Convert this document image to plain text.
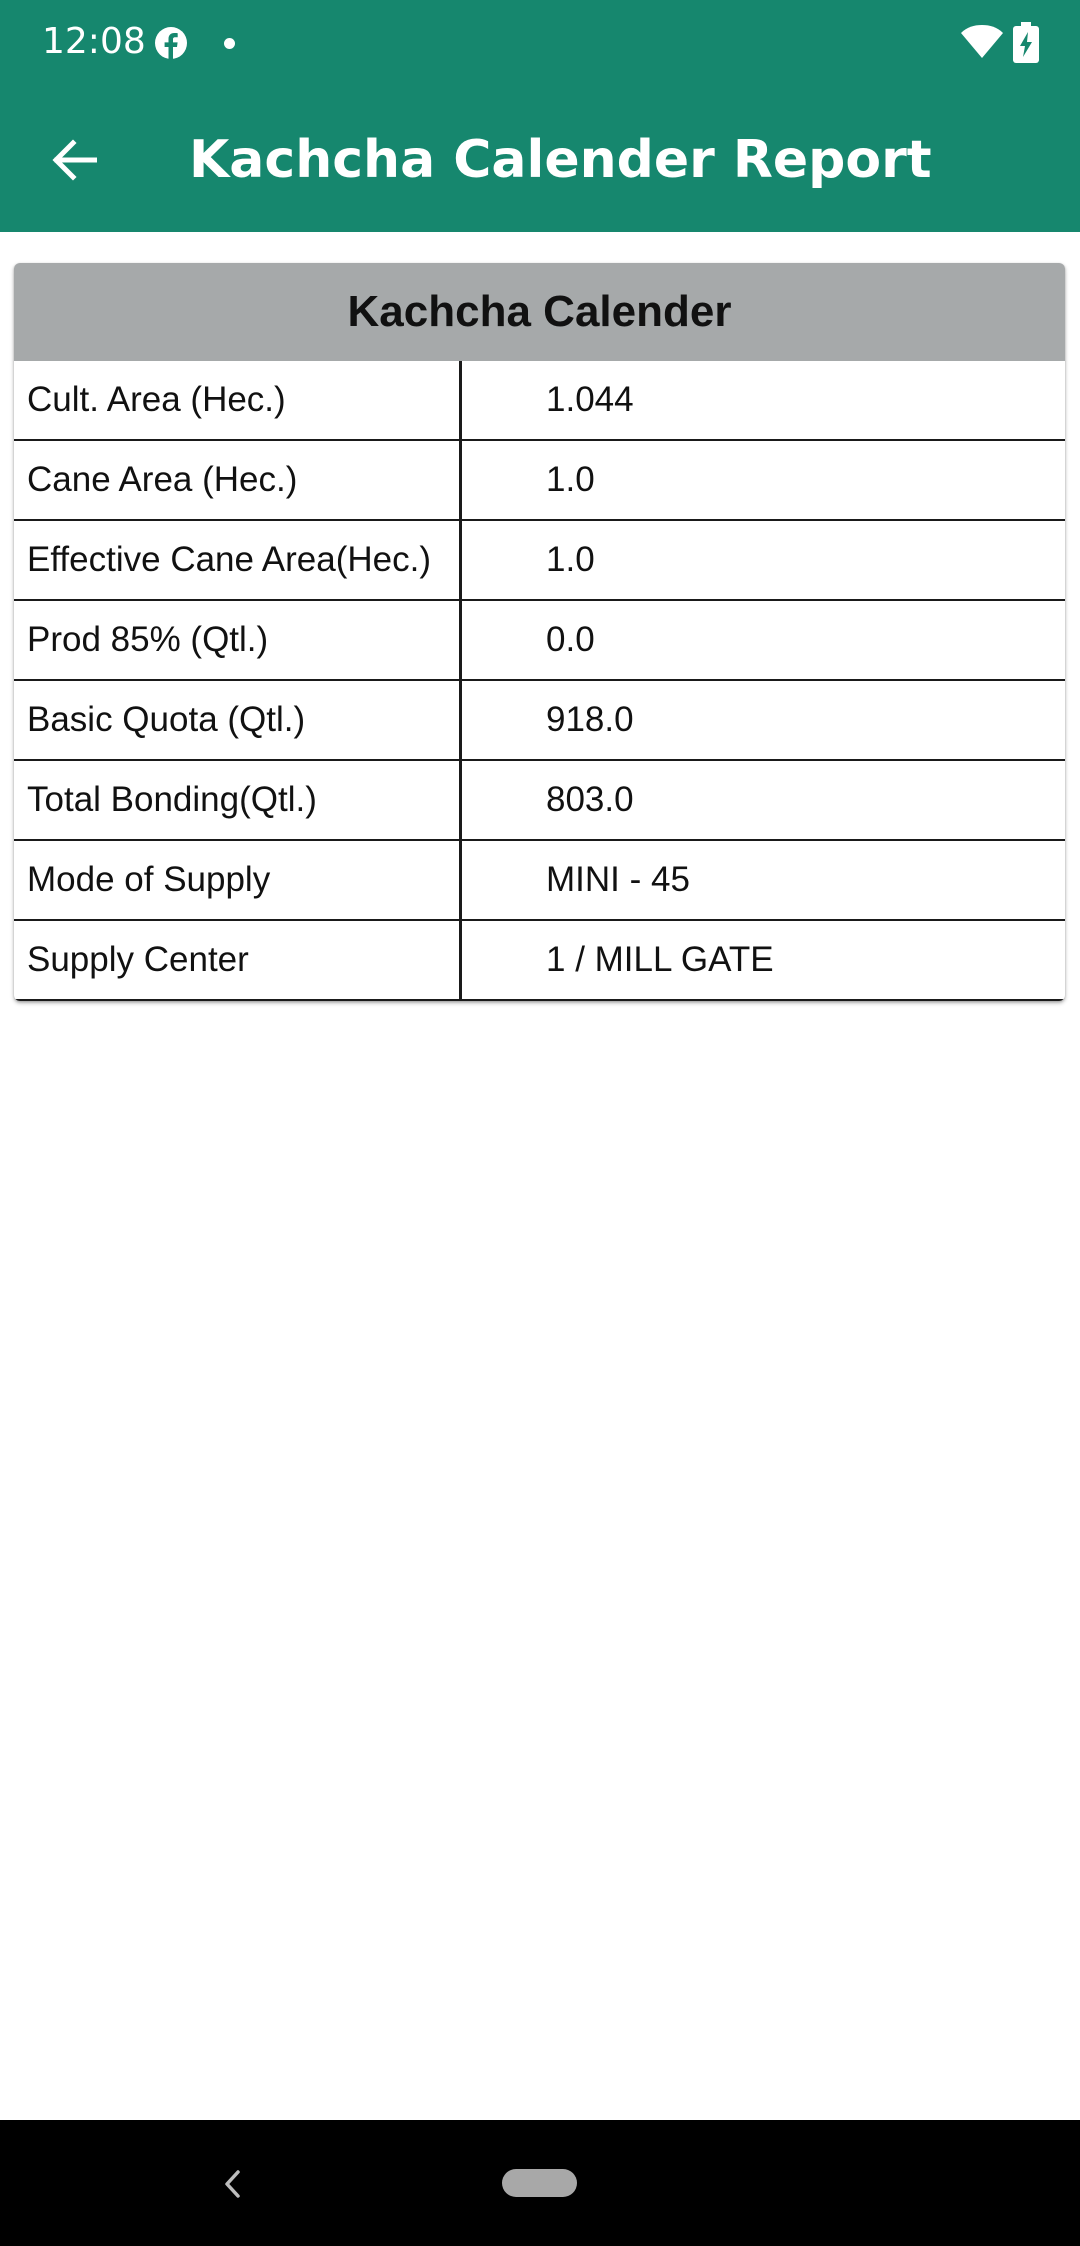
12:08
Kachcha Calender Report
Kachcha Calender
Cult. Area (Hec.)	1.044
Cane Area (Hec.)	1.0
Effective Cane Area(Hec.)	1.0
Prod 85% (Qtl.)	0.0
Basic Quota (Qtl.)	918.0
Total Bonding(Qtl.)	803.0
Mode of Supply	MINI - 45
Supply Center	1 / MILL GATE
